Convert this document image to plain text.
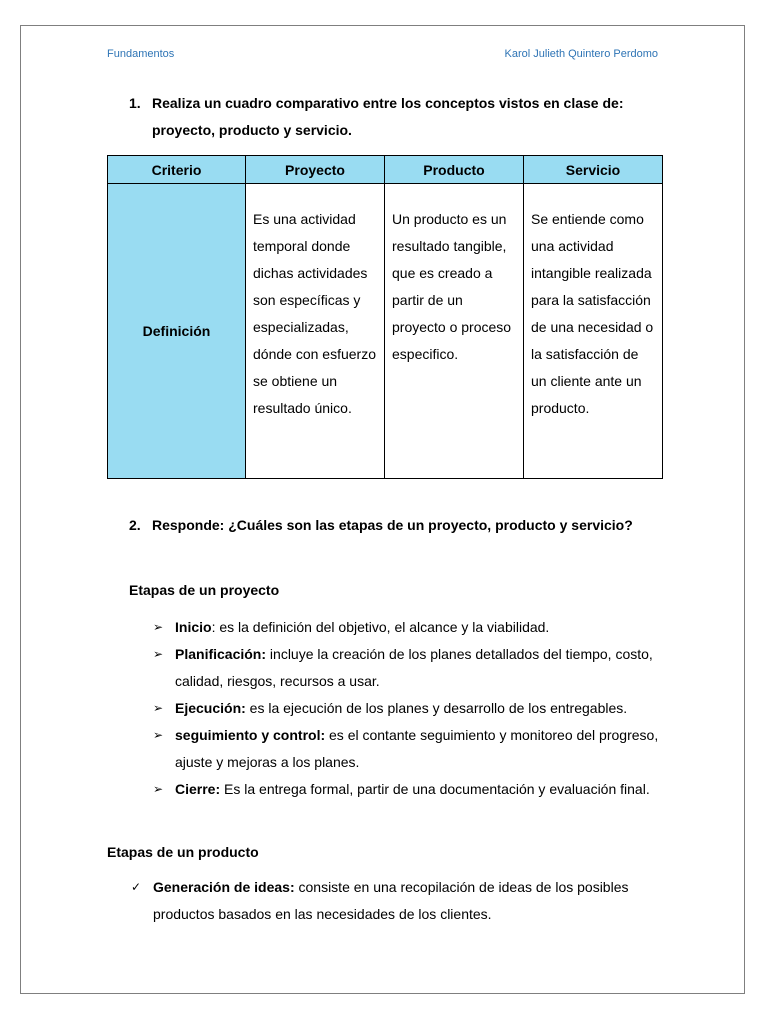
Fundamentos	Karol Julieth Quintero Perdomo
1. Realiza un cuadro comparativo entre los conceptos vistos en clase de: proyecto, producto y servicio.
Criterio	Proyecto	Producto	Servicio
Definición	Es una actividad temporal donde dichas actividades son específicas y especializadas, dónde con esfuerzo se obtiene un resultado único.	Un producto es un resultado tangible, que es creado a partir de un proyecto o proceso especifico.	Se entiende como una actividad intangible realizada para la satisfacción de una necesidad o la satisfacción de un cliente ante un producto.
2. Responde: ¿Cuáles son las etapas de un proyecto, producto y servicio?
Etapas de un proyecto
➢ Inicio: es la definición del objetivo, el alcance y la viabilidad.
➢ Planificación: incluye la creación de los planes detallados del tiempo, costo, calidad, riesgos, recursos a usar.
➢ Ejecución: es la ejecución de los planes y desarrollo de los entregables.
➢ seguimiento y control: es el contante seguimiento y monitoreo del progreso, ajuste y mejoras a los planes.
➢ Cierre: Es la entrega formal, partir de una documentación y evaluación final.
Etapas de un producto
✓ Generación de ideas: consiste en una recopilación de ideas de los posibles productos basados en las necesidades de los clientes.
